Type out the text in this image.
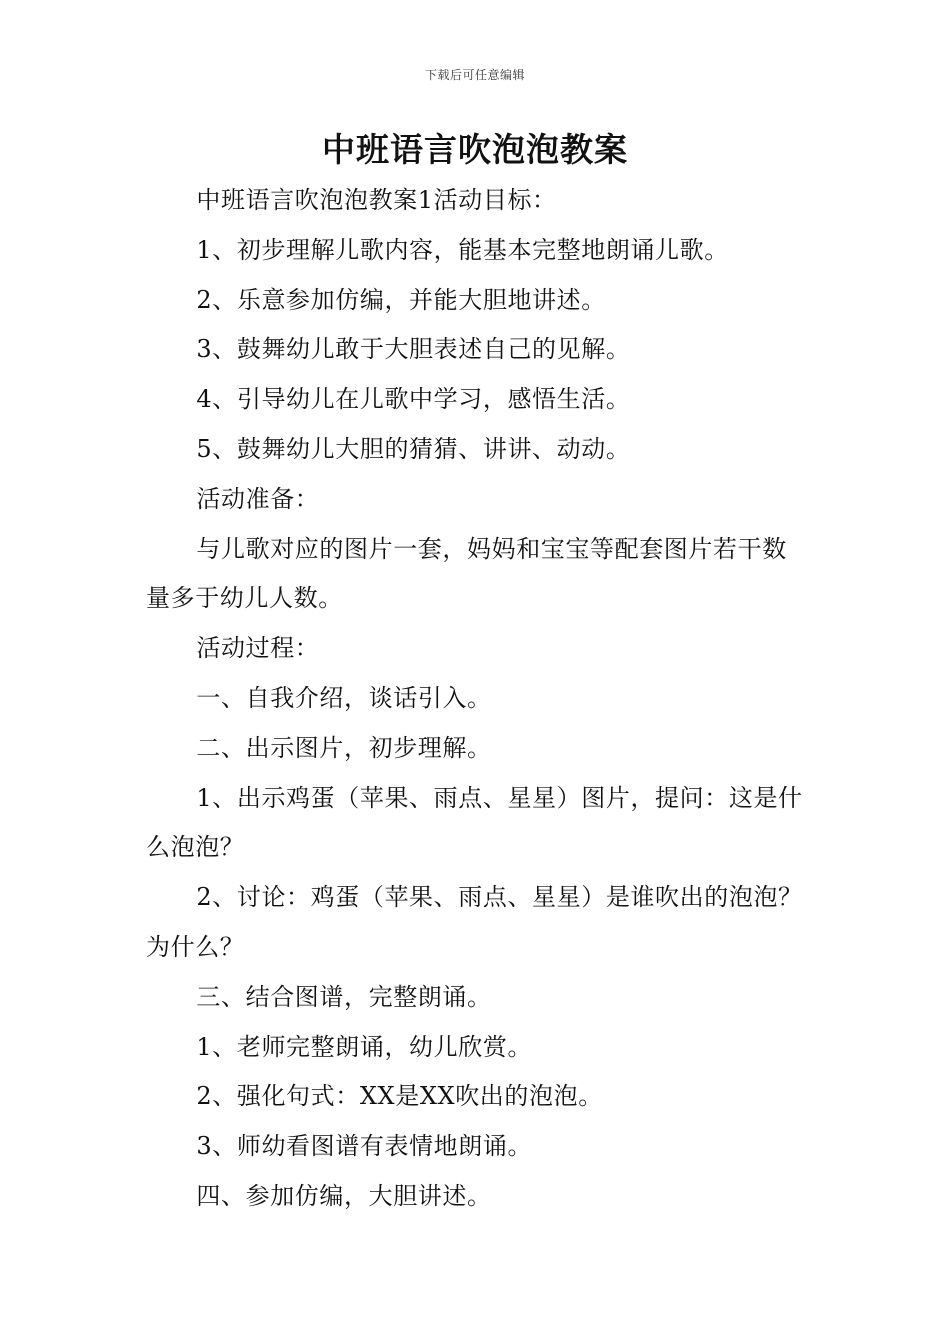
下载后可任意编辑
中班语言吹泡泡教案

中班语言吹泡泡教案1活动目标：

1、初步理解儿歌内容，能基本完整地朗诵儿歌。

2、乐意参加仿编，并能大胆地讲述。

3、鼓舞幼儿敢于大胆表述自己的见解。

4、引导幼儿在儿歌中学习，感悟生活。

5、鼓舞幼儿大胆的猜猜、讲讲、动动。

活动准备：

与儿歌对应的图片一套，妈妈和宝宝等配套图片若干数量多于幼儿人数。

活动过程：

一、自我介绍，谈话引入。

二、出示图片，初步理解。

1、出示鸡蛋（苹果、雨点、星星）图片，提问：这是什么泡泡？

2、讨论：鸡蛋（苹果、雨点、星星）是谁吹出的泡泡？为什么？

三、结合图谱，完整朗诵。

1、老师完整朗诵，幼儿欣赏。

2、强化句式：XX是XX吹出的泡泡。

3、师幼看图谱有表情地朗诵。

四、参加仿编，大胆讲述。
